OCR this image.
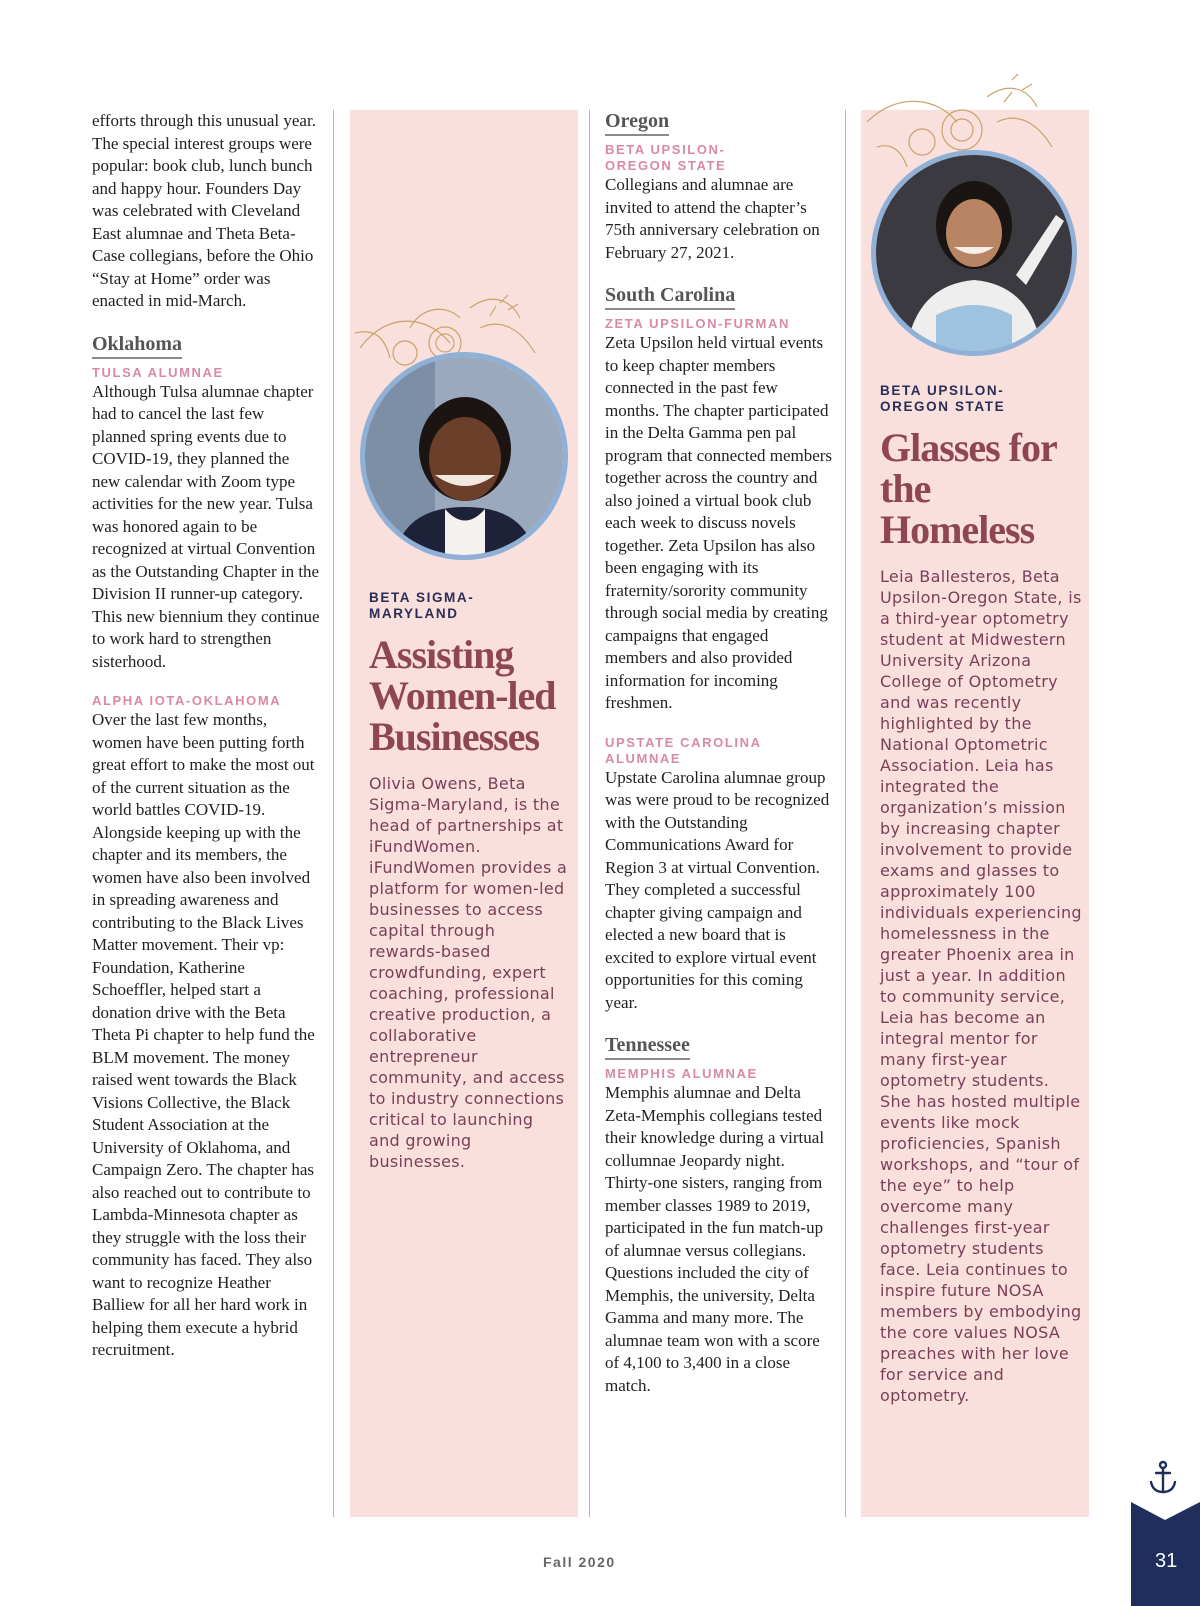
efforts through this unusual year. The special interest groups were popular: book club, lunch bunch and happy hour. Founders Day was celebrated with Cleveland East alumnae and Theta Beta-Case collegians, before the Ohio “Stay at Home” order was enacted in mid-March.

Oklahoma

TULSA ALUMNAE

Although Tulsa alumnae chapter had to cancel the last few planned spring events due to COVID-19, they planned the new calendar with Zoom type activities for the new year. Tulsa was honored again to be recognized at virtual Convention as the Outstanding Chapter in the Division II runner-up category. This new biennium they continue to work hard to strengthen sisterhood.

ALPHA IOTA-OKLAHOMA

Over the last few months, women have been putting forth great effort to make the most out of the current situation as the world battles COVID-19. Alongside keeping up with the chapter and its members, the women have also been involved in spreading awareness and contributing to the Black Lives Matter movement. Their vp: Foundation, Katherine Schoeffler, helped start a donation drive with the Beta Theta Pi chapter to help fund the BLM movement. The money raised went towards the Black Visions Collective, the Black Student Association at the University of Oklahoma, and Campaign Zero. The chapter has also reached out to contribute to Lambda-Minnesota chapter as they struggle with the loss their community has faced. They also want to recognize Heather Balliew for all her hard work in helping them execute a hybrid recruitment.

BETA SIGMA-
MARYLAND

Assisting Women-led Businesses

Olivia Owens, Beta Sigma-Maryland, is the head of partnerships at iFundWomen. iFundWomen provides a platform for women-led businesses to access capital through rewards-based crowdfunding, expert coaching, professional creative production, a collaborative entrepreneur community, and access to industry connections critical to launching and growing businesses.

Oregon

BETA UPSILON-
OREGON STATE

Collegians and alumnae are invited to attend the chapter’s 75th anniversary celebration on February 27, 2021.

South Carolina

ZETA UPSILON-FURMAN

Zeta Upsilon held virtual events to keep chapter members connected in the past few months. The chapter participated in the Delta Gamma pen pal program that connected members together across the country and also joined a virtual book club each week to discuss novels together. Zeta Upsilon has also been engaging with its fraternity/sorority community through social media by creating campaigns that engaged members and also provided information for incoming freshmen.

UPSTATE CAROLINA
ALUMNAE

Upstate Carolina alumnae group was were proud to be recognized with the Outstanding Communications Award for Region 3 at virtual Convention. They completed a successful chapter giving campaign and elected a new board that is excited to explore virtual event opportunities for this coming year.

Tennessee

MEMPHIS ALUMNAE

Memphis alumnae and Delta Zeta-Memphis collegians tested their knowledge during a virtual collumnae Jeopardy night. Thirty-one sisters, ranging from member classes 1989 to 2019, participated in the fun match-up of alumnae versus collegians. Questions included the city of Memphis, the university, Delta Gamma and many more. The alumnae team won with a score of 4,100 to 3,400 in a close match.

BETA UPSILON-
OREGON STATE

Glasses for the Homeless

Leia Ballesteros, Beta Upsilon-Oregon State, is a third-year optometry student at Midwestern University Arizona College of Optometry and was recently highlighted by the National Optometric Association. Leia has integrated the organization’s mission by increasing chapter involvement to provide exams and glasses to approximately 100 individuals experiencing homelessness in the greater Phoenix area in just a year. In addition to community service, Leia has become an integral mentor for many first-year optometry students. She has hosted multiple events like mock proficiencies, Spanish workshops, and “tour of the eye” to help overcome many challenges first-year optometry students face. Leia continues to inspire future NOSA members by embodying the core values NOSA preaches with her love for service and optometry.

Fall 2020	31
